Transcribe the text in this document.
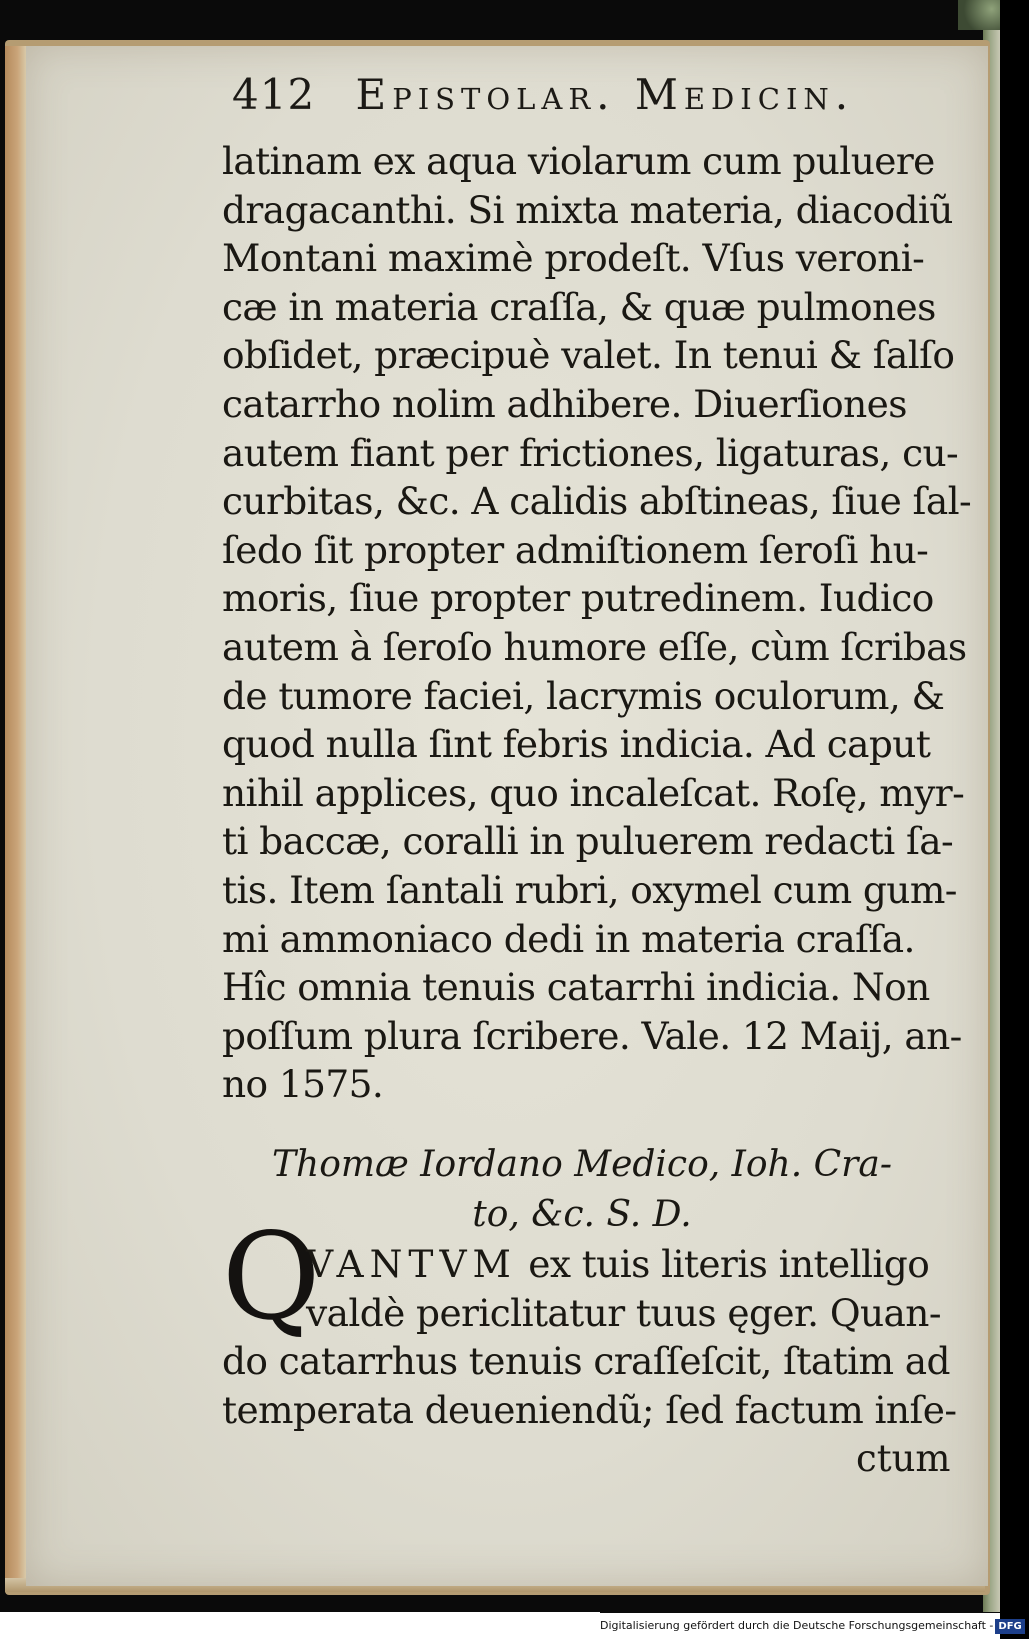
412 Epistolar. Medicin.
latinam ex aqua violarum cum puluere
dragacanthi. Si mixta materia, diacodiũ
Montani maximè prodeſt. Vſus veroni-
cæ in materia craſſa, & quæ pulmones
obſidet, præcipuè valet. In tenui & ſalſo
catarrho nolim adhibere. Diuerſiones
autem fiant per frictiones, ligaturas, cu-
curbitas, &c. A calidis abſtineas, ſiue ſal-
ſedo ſit propter admiſtionem ſeroſi hu-
moris, ſiue propter putredinem. Iudico
autem à ſeroſo humore eſſe, cùm ſcribas
de tumore faciei, lacrymis oculorum, &
quod nulla ſint febris indicia. Ad caput
nihil applices, quo incaleſcat. Roſę, myr-
ti baccæ, coralli in puluerem redacti ſa-
tis. Item ſantali rubri, oxymel cum gum-
mi ammoniaco dedi in materia craſſa.
Hîc omnia tenuis catarrhi indicia. Non
poſſum plura ſcribere. Vale. 12 Maij, an-
no 1575.
Thomæ Iordano Medico, Ioh. Cra-
to, &c. S. D.
Q
VANTVM ex tuis literis intelligo
valdè periclitatur tuus ęger. Quan-
do catarrhus tenuis craſſeſcit, ſtatim ad
temperata deueniendũ; ſed factum inſe-
ctum
Digitalisierung gefördert durch die Deutsche Forschungsgemeinschaft - DFG
